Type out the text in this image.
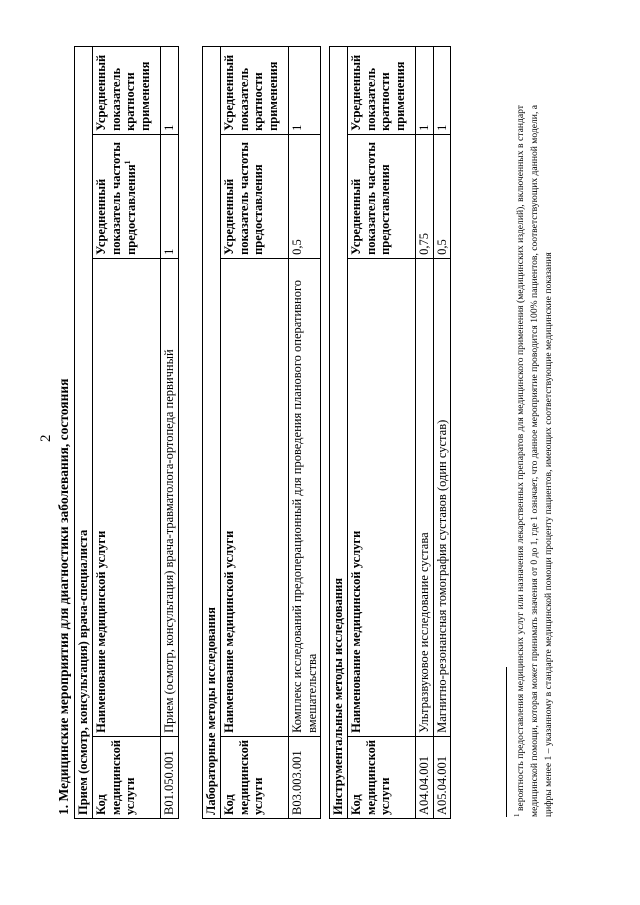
2 1. Медицинские мероприятия для диагностики заболевания, состояния Прием (осмотр, консультация) врача-специалиста			
Код медицинской услуги	Наименование медицинской услуги	Усредненный показатель частоты предоставления$^1$	Усредненный показатель кратности применения
B01.050.001	Прием (осмотр, консультация) врача-травматолога-ортопеда первичный	1	1
Лабораторные методы исследования			
Код медицинской услуги	Наименование медицинской услуги	Усредненный показатель частоты предоставления	Усредненный показатель кратности применения
B03.003.001	Комплекс исследований предоперационный для проведения планового оперативного вмешательства	0,5	1
Инструментальные методы исследования			
Код медицинской услуги	Наименование медицинской услуги	Усредненный показатель частоты предоставления	Усредненный показатель кратности применения
A04.04.001	Ультразвуковое исследование сустава	0,75	1
A05.04.001	Магнитно-резонансная томография суставов (один сустав)	0,5	1
$^1$ вероятность предоставления медицинских услуг или назначения лекарственных препаратов для медицинского применения (медицинских изделий), включенных в стандарт медицинской помощи, которая может принимать значения от 0 до 1, где 1 означает, что данное мероприятие проводится 100% пациентов, соответствующих данной модели, а цифры менее 1 – указанному в стандарте медицинской помощи проценту пациентов, имеющих соответствующие медицинские показания
